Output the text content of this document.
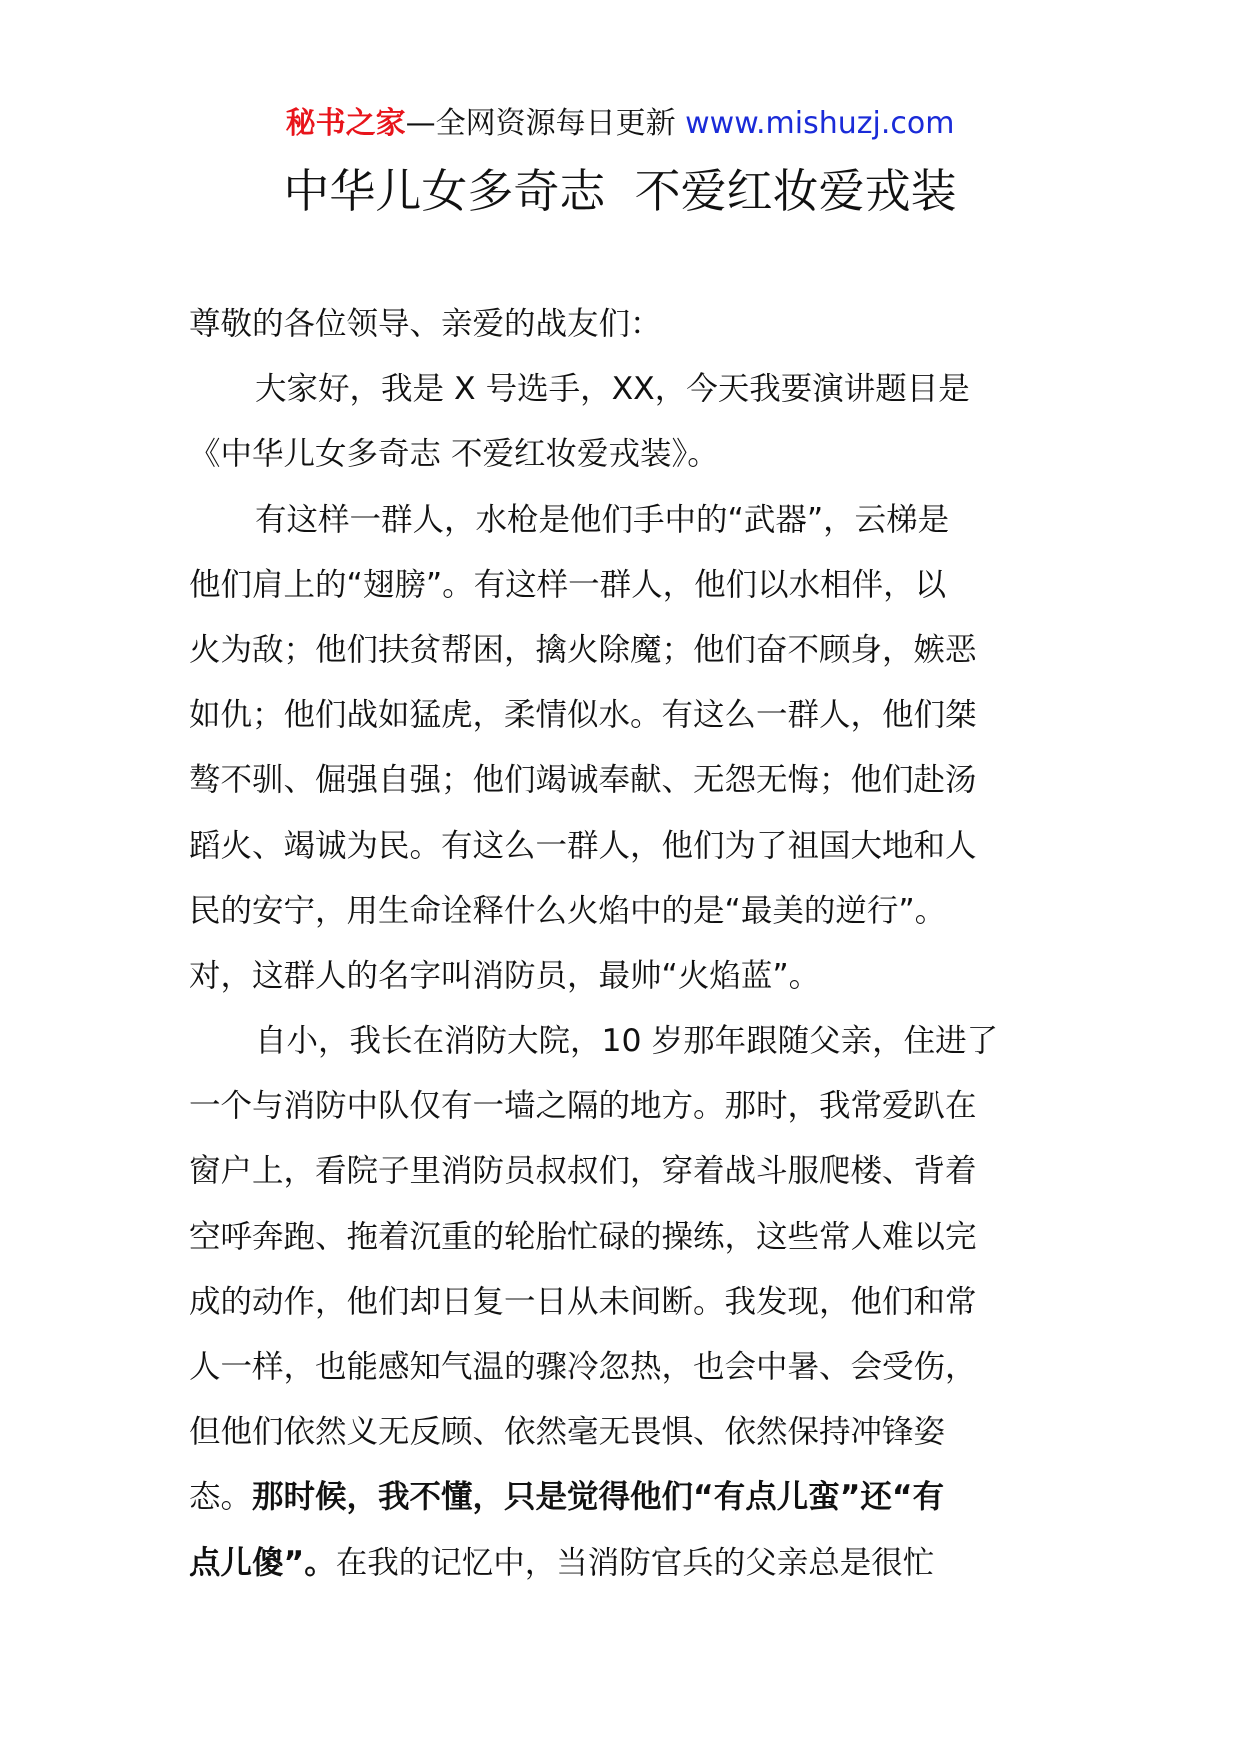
秘书之家—全网资源每日更新 www.mishuzj.com
中华儿女多奇志  不爱红妆爱戎装
尊敬的各位领导、亲爱的战友们：
大家好，我是 X 号选手，XX，今天我要演讲题目是
《中华儿女多奇志 不爱红妆爱戎装》。
有这样一群人，水枪是他们手中的“武器”，云梯是
他们肩上的“翅膀”。有这样一群人，他们以水相伴，以
火为敌；他们扶贫帮困，擒火除魔；他们奋不顾身，嫉恶
如仇；他们战如猛虎，柔情似水。有这么一群人，他们桀
骜不驯、倔强自强；他们竭诚奉献、无怨无悔；他们赴汤
蹈火、竭诚为民。有这么一群人，他们为了祖国大地和人
民的安宁，用生命诠释什么火焰中的是“最美的逆行”。
对，这群人的名字叫消防员，最帅“火焰蓝”。
自小，我长在消防大院，10 岁那年跟随父亲，住进了
一个与消防中队仅有一墙之隔的地方。那时，我常爱趴在
窗户上，看院子里消防员叔叔们，穿着战斗服爬楼、背着
空呼奔跑、拖着沉重的轮胎忙碌的操练，这些常人难以完
成的动作，他们却日复一日从未间断。我发现，他们和常
人一样，也能感知气温的骤冷忽热，也会中暑、会受伤，
但他们依然义无反顾、依然毫无畏惧、依然保持冲锋姿
态。那时候，我不懂，只是觉得他们“有点儿蛮”还“有
点儿傻”。在我的记忆中，当消防官兵的父亲总是很忙
